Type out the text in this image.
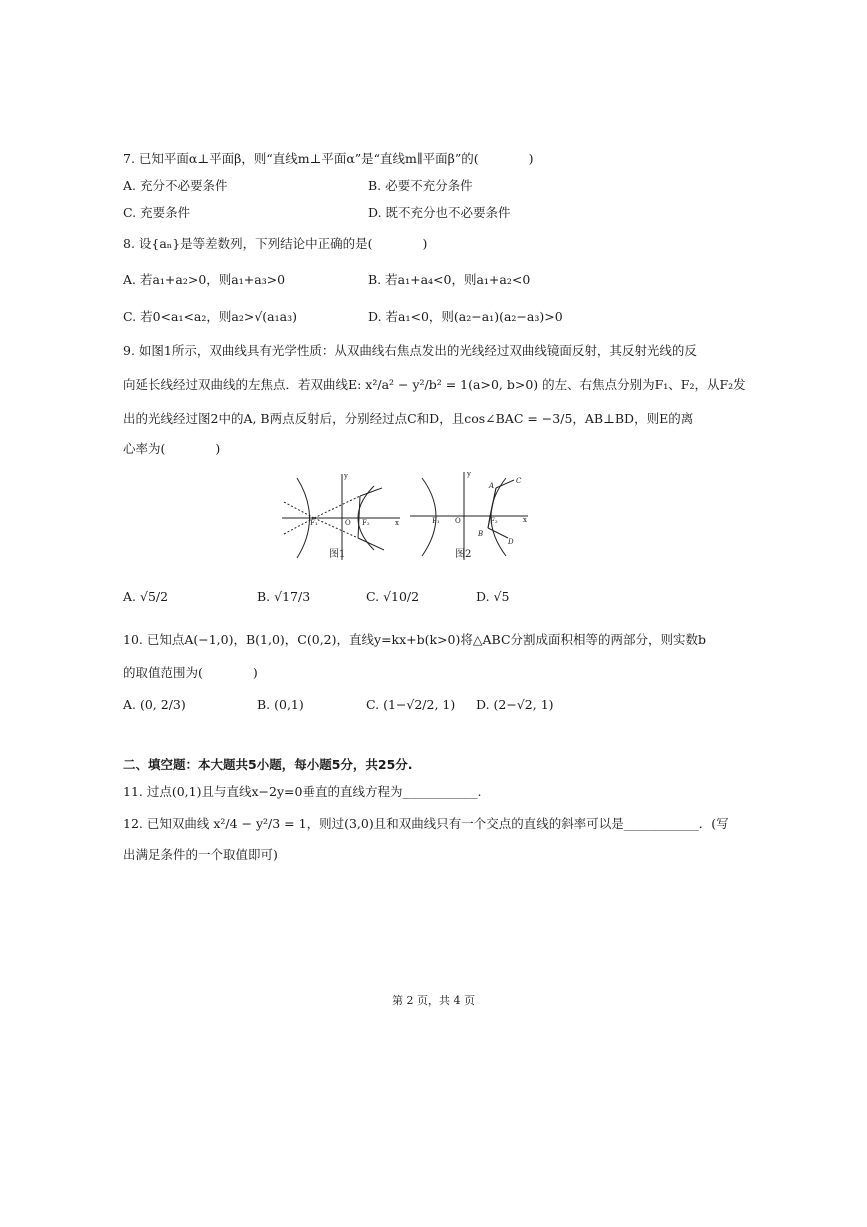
7. 已知平面α⊥平面β，则“直线m⊥平面α”是“直线m∥平面β”的(　　　　)
A. 充分不必要条件	B. 必要不充分条件
C. 充要条件	D. 既不充分也不必要条件
8. 设{aₙ}是等差数列，下列结论中正确的是(　　　　)
A. 若a₁+a₂>0，则a₁+a₃>0	B. 若a₁+a₄<0，则a₁+a₂<0
C. 若0<a₁<a₂，则a₂>√(a₁a₃)	D. 若a₁<0，则(a₂−a₁)(a₂−a₃)>0
9. 如图1所示，双曲线具有光学性质：从双曲线右焦点发出的光线经过双曲线镜面反射，其反射光线的反
向延长线经过双曲线的左焦点．若双曲线E: x²/a² − y²/b² = 1(a>0, b>0) 的左、右焦点分别为F₁、F₂，从F₂发
出的光线经过图2中的A, B两点反射后，分别经过点C和D，且cos∠BAC = −3/5，AB⊥BD，则E的离
心率为(　　　　)
F₁	O F₂
y
x
图1
F₁ O	F₂
A
C
B
D
y
x
图2
A. √5/2	B. √17/3	C. √10/2	D. √5
10. 已知点A(−1,0)，B(1,0)，C(0,2)，直线y=kx+b(k>0)将△ABC分割成面积相等的两部分，则实数b
的取值范围为(　　　　)
A. (0, 2/3)	B. (0,1)	C. (1−√2/2, 1) D. (2−√2, 1)
二、填空题：本大题共5小题，每小题5分，共25分.
11. 过点(0,1)且与直线x−2y=0垂直的直线方程为____________.
12. 已知双曲线 x²/4 − y²/3 = 1，则过(3,0)且和双曲线只有一个交点的直线的斜率可以是____________．(写
出满足条件的一个取值即可)
第 2 页，共 4 页
